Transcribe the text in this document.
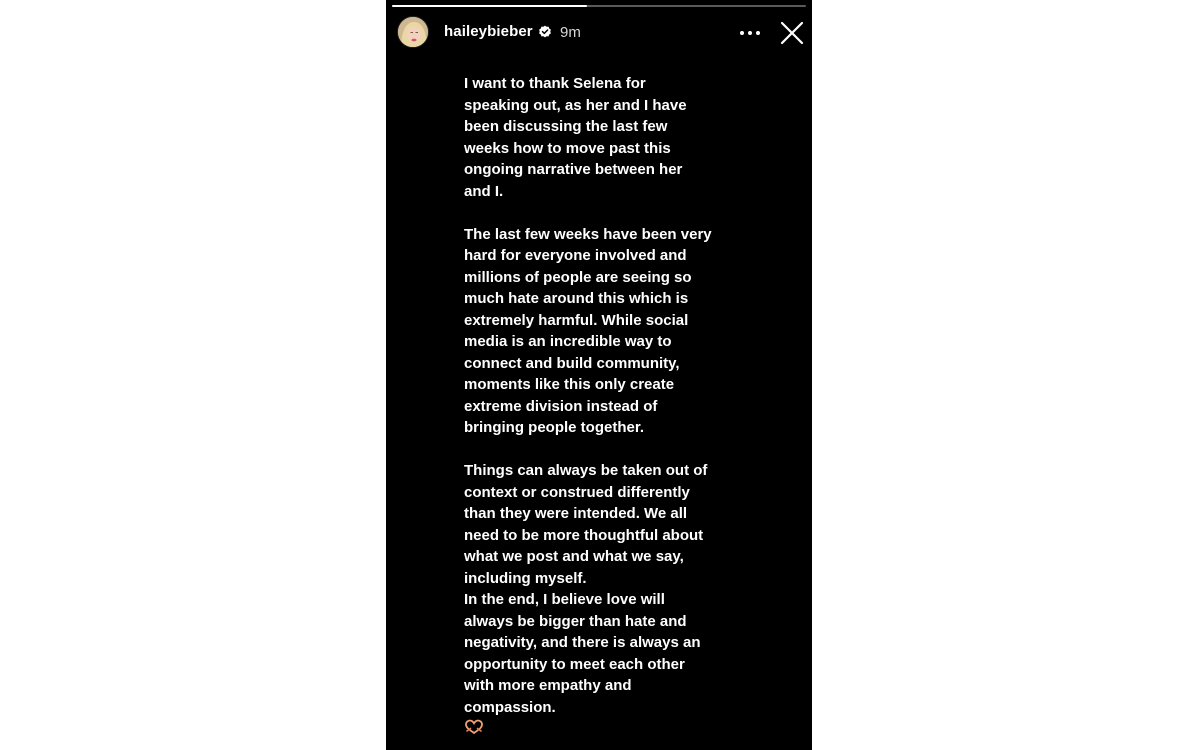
haileybieber 9m

I want to thank Selena for
speaking out, as her and I have
been discussing the last few
weeks how to move past this
ongoing narrative between her
and I.

The last few weeks have been very
hard for everyone involved and
millions of people are seeing so
much hate around this which is
extremely harmful. While social
media is an incredible way to
connect and build community,
moments like this only create
extreme division instead of
bringing people together.

Things can always be taken out of
context or construed differently
than they were intended. We all
need to be more thoughtful about
what we post and what we say,
including myself.
In the end, I believe love will
always be bigger than hate and
negativity, and there is always an
opportunity to meet each other
with more empathy and
compassion.
